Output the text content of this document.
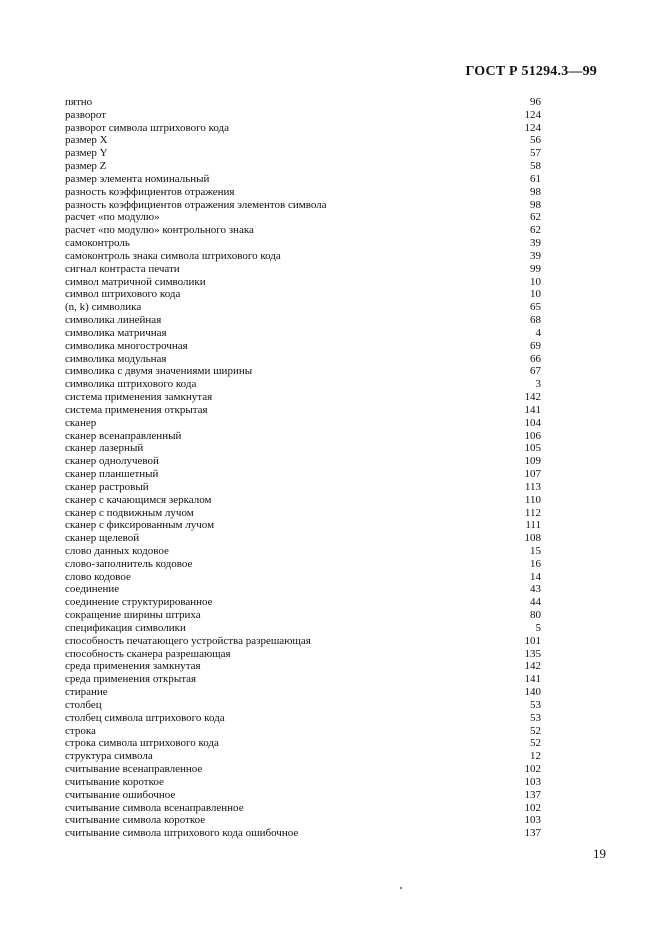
ГОСТ Р 51294.3—99
пятно	96
разворот	124
разворот символа штрихового кода	124
размер X	56
размер Y	57
размер Z	58
размер элемента номинальный	61
разность коэффициентов отражения	98
разность коэффициентов отражения элементов символа	98
расчет «по модулю»	62
расчет «по модулю» контрольного знака	62
самоконтроль	39
самоконтроль знака символа штрихового кода	39
сигнал контраста печати	99
символ матричной символики	10
символ штрихового кода	10
(n, k) символика	65
символика линейная	68
символика матричная	4
символика многострочная	69
символика модульная	66
символика с двумя значениями ширины	67
символика штрихового кода	3
система применения замкнутая	142
система применения открытая	141
сканер	104
сканер всенаправленный	106
сканер лазерный	105
сканер однолучевой	109
сканер планшетный	107
сканер растровый	113
сканер с качающимся зеркалом	110
сканер с подвижным лучом	112
сканер с фиксированным лучом	111
сканер щелевой	108
слово данных кодовое	15
слово-заполнитель кодовое	16
слово кодовое	14
соединение	43
соединение структурированное	44
сокращение ширины штриха	80
спецификация символики	5
способность печатающего устройства разрешающая	101
способность сканера разрешающая	135
среда применения замкнутая	142
среда применения открытая	141
стирание	140
столбец	53
столбец символа штрихового кода	53
строка	52
строка символа штрихового кода	52
структура символа	12
считывание всенаправленное	102
считывание короткое	103
считывание ошибочное	137
считывание символа всенаправленное	102
считывание символа короткое	103
считывание символа штрихового кода ошибочное	137
19
